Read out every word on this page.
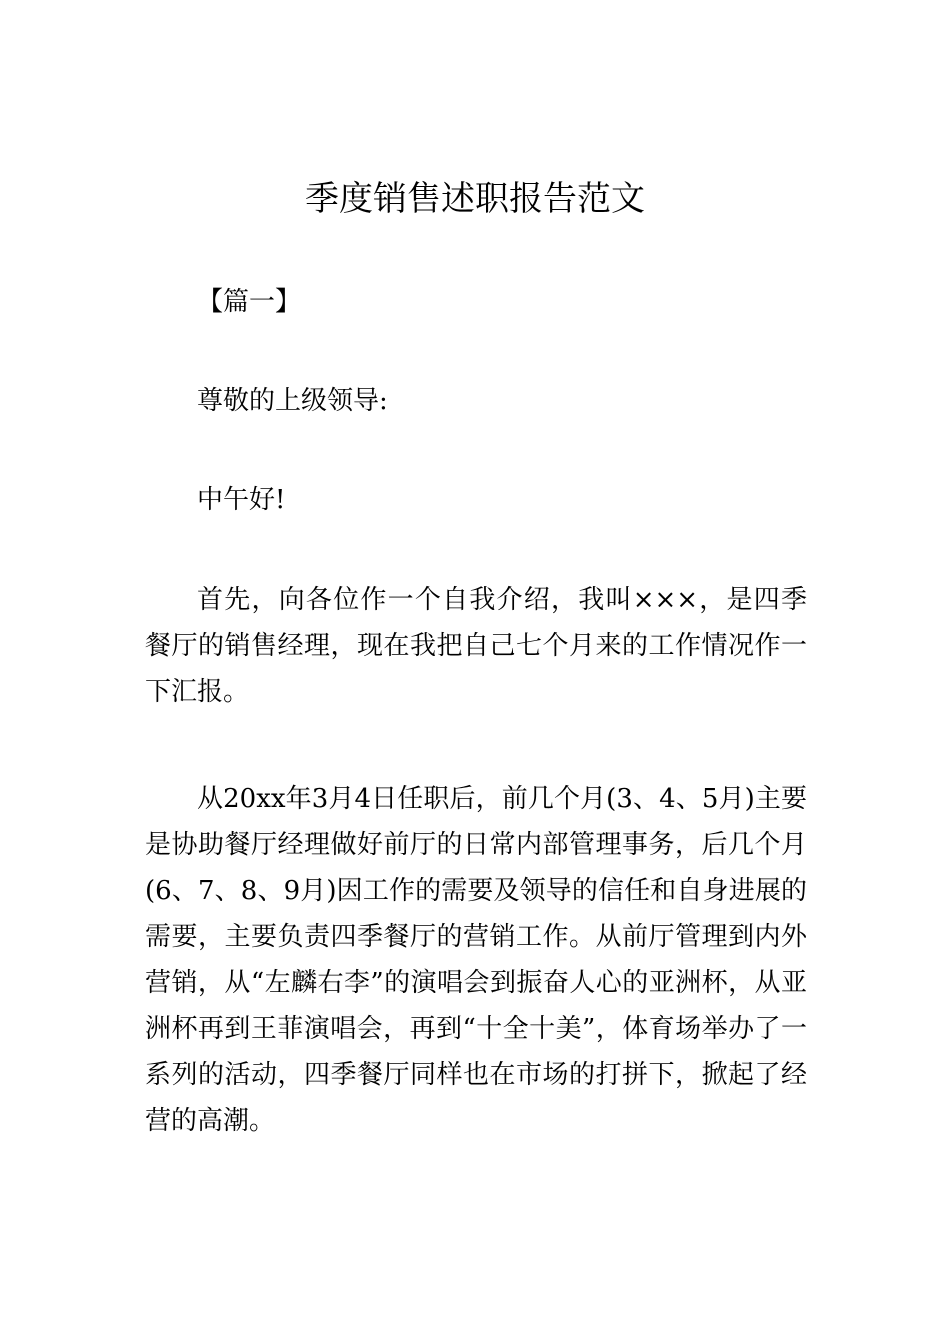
季度销售述职报告范文

【篇一】

尊敬的上级领导:

中午好!

首先，向各位作一个自我介绍，我叫×××，是四季餐厅的销售经理，现在我把自己七个月来的工作情况作一下汇报。

从20xx年3月4日任职后，前几个月(3、4、5月)主要是协助餐厅经理做好前厅的日常内部管理事务，后几个月(6、7、8、9月)因工作的需要及领导的信任和自身进展的需要，主要负责四季餐厅的营销工作。从前厅管理到内外营销，从“左麟右李”的演唱会到振奋人心的亚洲杯，从亚洲杯再到王菲演唱会，再到“十全十美”，体育场举办了一系列的活动，四季餐厅同样也在市场的打拼下，掀起了经营的高潮。
